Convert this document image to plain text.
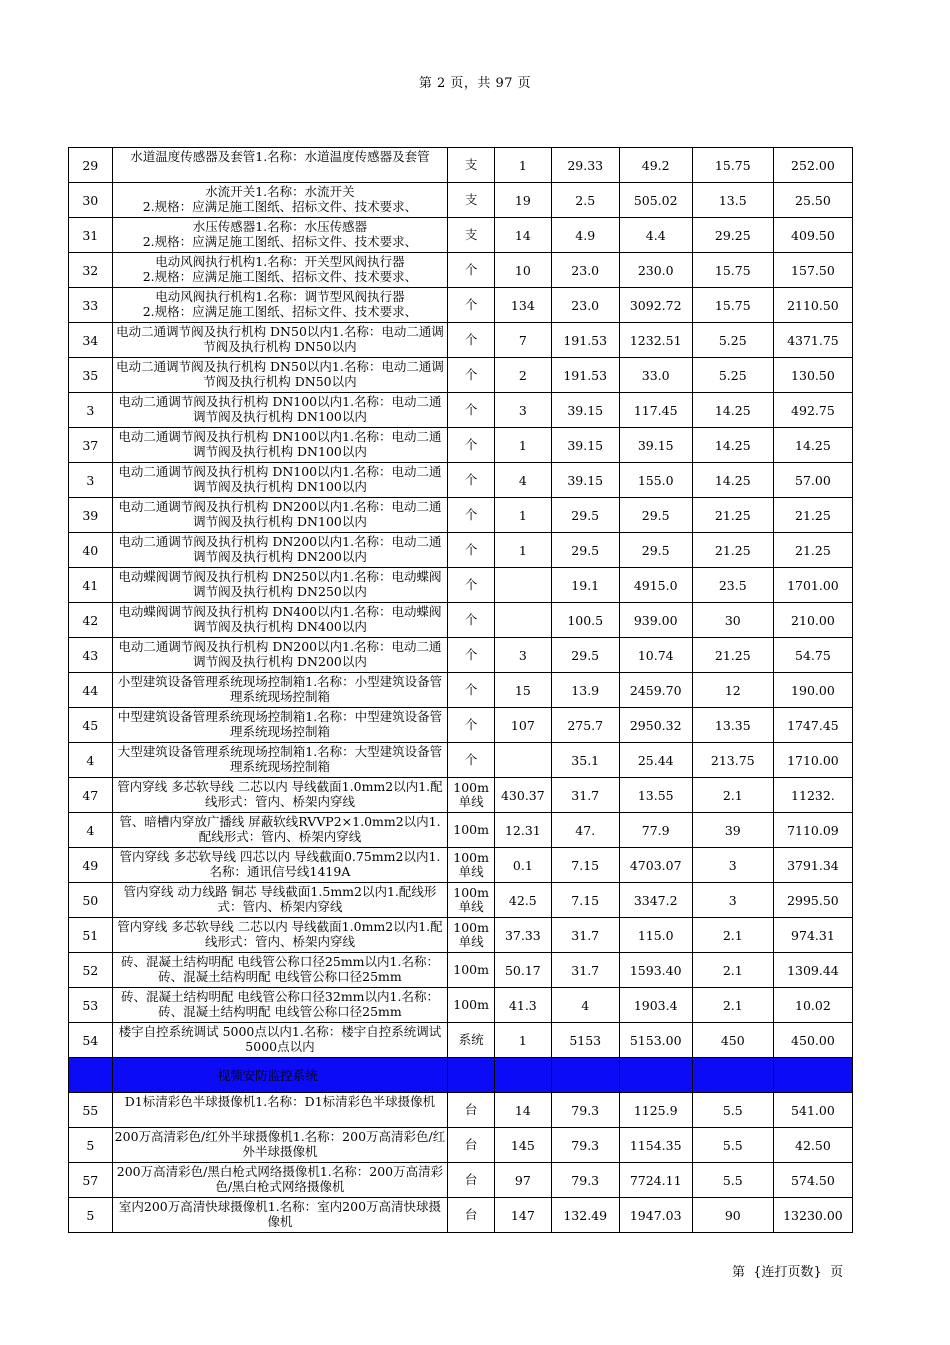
第 2 页，共 97 页
29	水道温度传感器及套管1.名称：水道温度传感器及套管	支	1	29.33	49.2	15.75	252.00
30	水流开关1.名称：水流开关
2.规格：应满足施工图纸、招标文件、技术要求、	支	19	2.5	505.02	13.5	25.50
31	水压传感器1.名称：水压传感器
2.规格：应满足施工图纸、招标文件、技术要求、	支	14	4.9	4.4	29.25	409.50
32	电动风阀执行机构1.名称：开关型风阀执行器
2.规格：应满足施工图纸、招标文件、技术要求、	个	10	23.0	230.0	15.75	157.50
33	电动风阀执行机构1.名称：调节型风阀执行器
2.规格：应满足施工图纸、招标文件、技术要求、	个	134	23.0	3092.72	15.75	2110.50
34	电动二通调节阀及执行机构 DN50以内1.名称：电动二通调节阀及执行机构 DN50以内	个	7	191.53	1232.51	5.25	4371.75
35	电动二通调节阀及执行机构 DN50以内1.名称：电动二通调节阀及执行机构 DN50以内	个	2	191.53	33.0	5.25	130.50
3	电动二通调节阀及执行机构 DN100以内1.名称：电动二通调节阀及执行机构 DN100以内	个	3	39.15	117.45	14.25	492.75
37	电动二通调节阀及执行机构 DN100以内1.名称：电动二通调节阀及执行机构 DN100以内	个	1	39.15	39.15	14.25	14.25
3	电动二通调节阀及执行机构 DN100以内1.名称：电动二通调节阀及执行机构 DN100以内	个	4	39.15	155.0	14.25	57.00
39	电动二通调节阀及执行机构 DN200以内1.名称：电动二通调节阀及执行机构 DN100以内	个	1	29.5	29.5	21.25	21.25
40	电动二通调节阀及执行机构 DN200以内1.名称：电动二通调节阀及执行机构 DN200以内	个	1	29.5	29.5	21.25	21.25
41	电动蝶阀调节阀及执行机构 DN250以内1.名称：电动蝶阀调节阀及执行机构 DN250以内	个		19.1	4915.0	23.5	1701.00
42	电动蝶阀调节阀及执行机构 DN400以内1.名称：电动蝶阀调节阀及执行机构 DN400以内	个		100.5	939.00	30	210.00
43	电动二通调节阀及执行机构 DN200以内1.名称：电动二通调节阀及执行机构 DN200以内	个	3	29.5	10.74	21.25	54.75
44	小型建筑设备管理系统现场控制箱1.名称：小型建筑设备管理系统现场控制箱	个	15	13.9	2459.70	12	190.00
45	中型建筑设备管理系统现场控制箱1.名称：中型建筑设备管理系统现场控制箱	个	107	275.7	2950.32	13.35	1747.45
4	大型建筑设备管理系统现场控制箱1.名称：大型建筑设备管理系统现场控制箱	个		35.1	25.44	213.75	1710.00
47	管内穿线 多芯软导线 二芯以内 导线截面1.0mm2以内1.配线形式：管内、桥架内穿线	100m
单线	430.37	31.7	13.55	2.1	11232.
4	管、暗槽内穿放广播线 屏蔽软线RVVP2×1.0mm2以内1.配线形式：管内、桥架内穿线	100m	12.31	47.	77.9	39	7110.09
49	管内穿线 多芯软导线 四芯以内 导线截面0.75mm2以内1.名称：通讯信号线1419A	100m
单线	0.1	7.15	4703.07	3	3791.34
50	管内穿线 动力线路 铜芯 导线截面1.5mm2以内1.配线形式：管内、桥架内穿线	100m
单线	42.5	7.15	3347.2	3	2995.50
51	管内穿线 多芯软导线 二芯以内 导线截面1.0mm2以内1.配线形式：管内、桥架内穿线	100m
单线	37.33	31.7	115.0	2.1	974.31
52	砖、混凝土结构明配 电线管公称口径25mm以内1.名称：砖、混凝土结构明配 电线管公称口径25mm	100m	50.17	31.7	1593.40	2.1	1309.44
53	砖、混凝土结构明配 电线管公称口径32mm以内1.名称：砖、混凝土结构明配 电线管公称口径25mm	100m	41.3	4	1903.4	2.1	10.02
54	楼宇自控系统调试 5000点以内1.名称：楼宇自控系统调试 5000点以内	系统	1	5153	5153.00	450	450.00
	视频安防监控系统						
55	D1标清彩色半球摄像机1.名称：D1标清彩色半球摄像机	台	14	79.3	1125.9	5.5	541.00
5	200万高清彩色/红外半球摄像机1.名称：200万高清彩色/红外半球摄像机	台	145	79.3	1154.35	5.5	42.50
57	200万高清彩色/黑白枪式网络摄像机1.名称：200万高清彩色/黑白枪式网络摄像机	台	97	79.3	7724.11	5.5	574.50
5	室内200万高清快球摄像机1.名称：室内200万高清快球摄像机	台	147	132.49	1947.03	90	13230.00
第  {连打页数}  页
